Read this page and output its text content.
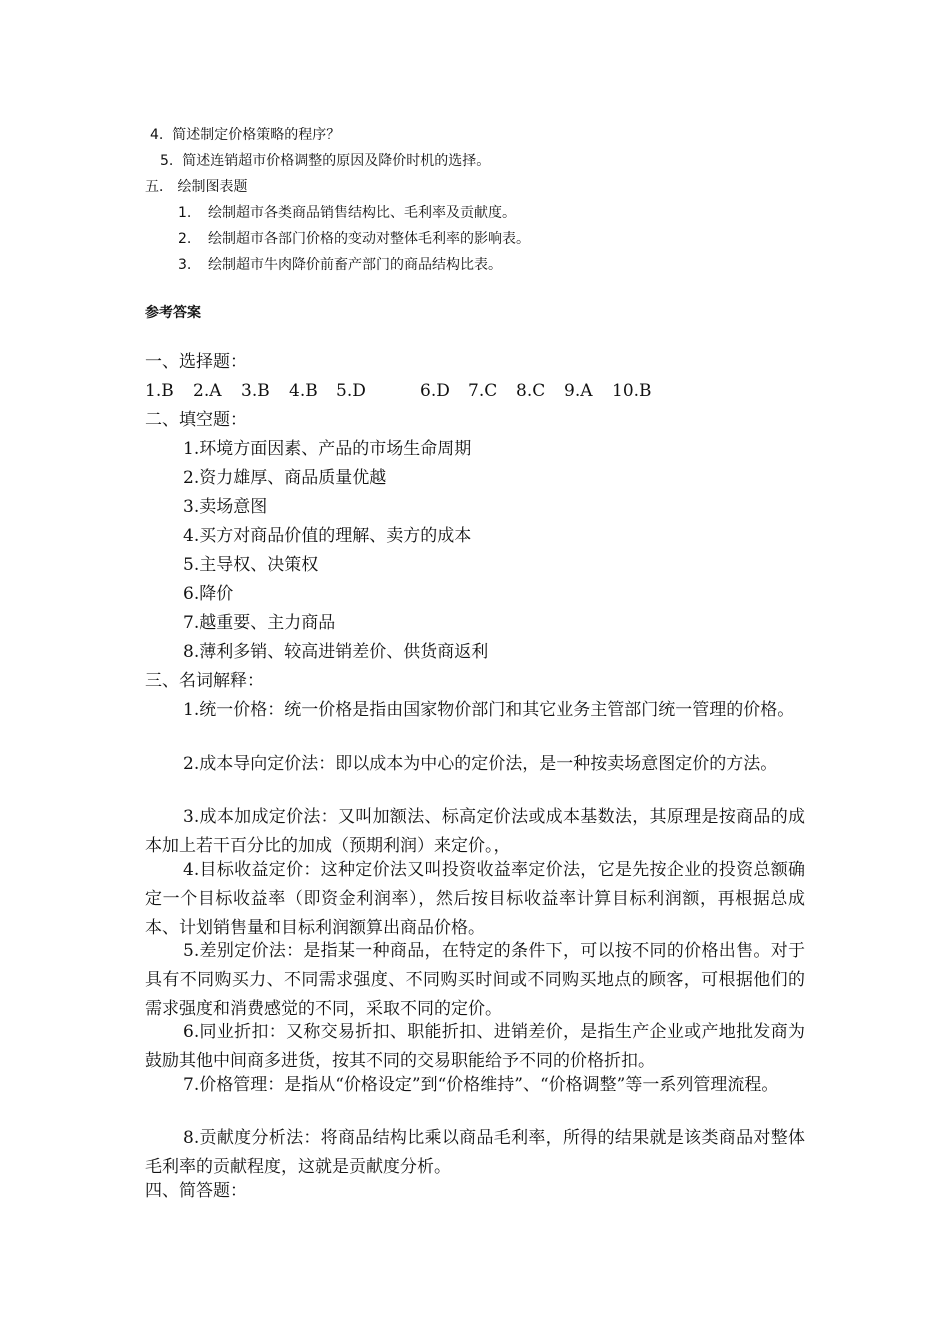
4. 简述制定价格策略的程序？
5. 简述连销超市价格调整的原因及降价时机的选择。
五． 绘制图表题
1. 绘制超市各类商品销售结构比、毛利率及贡献度。
2. 绘制超市各部门价格的变动对整体毛利率的影响表。
3. 绘制超市牛肉降价前畜产部门的商品结构比表。
参考答案
一、选择题：
1.B 2.A 3.B 4.B 5.D	6.D 7.C 8.C 9.A 10.B
二、填空题：
1.环境方面因素、产品的市场生命周期
2.资力雄厚、商品质量优越
3.卖场意图
4.买方对商品价值的理解、卖方的成本
5.主导权、决策权
6.降价
7.越重要、主力商品
8.薄利多销、较高进销差价、供货商返利
三、名词解释：
1.统一价格：统一价格是指由国家物价部门和其它业务主管部门统一管理的价格。
2.成本导向定价法：即以成本为中心的定价法，是一种按卖场意图定价的方法。
3.成本加成定价法：又叫加额法、标高定价法或成本基数法，其原理是按商品的成本加上若干百分比的加成（预期利润）来定价。，
4.目标收益定价：这种定价法又叫投资收益率定价法，它是先按企业的投资总额确定一个目标收益率（即资金利润率），然后按目标收益率计算目标利润额，再根据总成本、计划销售量和目标利润额算出商品价格。
5.差别定价法：是指某一种商品，在特定的条件下，可以按不同的价格出售。对于具有不同购买力、不同需求强度、不同购买时间或不同购买地点的顾客，可根据他们的需求强度和消费感觉的不同，采取不同的定价。
6.同业折扣：又称交易折扣、职能折扣、进销差价，是指生产企业或产地批发商为鼓励其他中间商多进货，按其不同的交易职能给予不同的价格折扣。
7.价格管理：是指从“价格设定”到“价格维持”、“价格调整”等一系列管理流程。
8.贡献度分析法：将商品结构比乘以商品毛利率，所得的结果就是该类商品对整体毛利率的贡献程度，这就是贡献度分析。
四、简答题：
